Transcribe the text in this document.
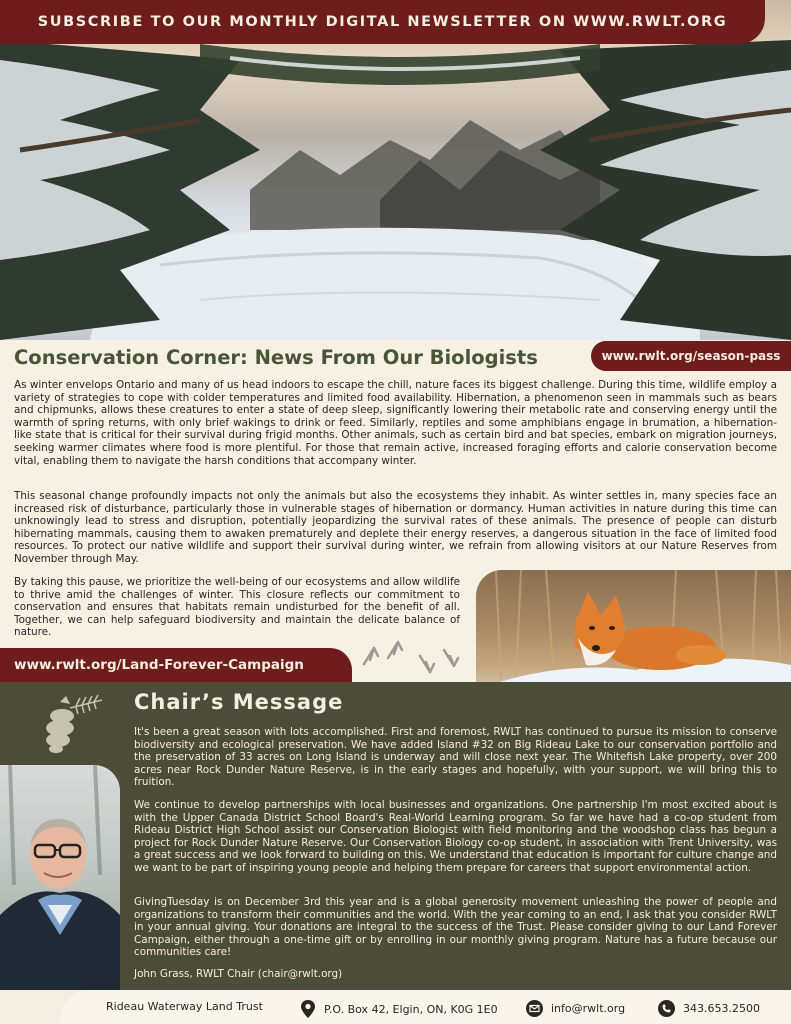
SUBSCRIBE TO OUR MONTHLY DIGITAL NEWSLETTER ON WWW.RWLT.ORG
Conservation Corner: News From Our Biologists	www.rwlt.org/season-pass

As winter envelops Ontario and many of us head indoors to escape the chill, nature faces its biggest challenge. During this time, wildlife employ a variety of strategies to cope with colder temperatures and limited food availability. Hibernation, a phenomenon seen in mammals such as bears and chipmunks, allows these creatures to enter a state of deep sleep, significantly lowering their metabolic rate and conserving energy until the warmth of spring returns, with only brief wakings to drink or feed. Similarly, reptiles and some amphibians engage in brumation, a hibernation-like state that is critical for their survival during frigid months. Other animals, such as certain bird and bat species, embark on migration journeys, seeking warmer climates where food is more plentiful. For those that remain active, increased foraging efforts and calorie conservation become vital, enabling them to navigate the harsh conditions that accompany winter.

This seasonal change profoundly impacts not only the animals but also the ecosystems they inhabit. As winter settles in, many species face an increased risk of disturbance, particularly those in vulnerable stages of hibernation or dormancy. Human activities in nature during this time can unknowingly lead to stress and disruption, potentially jeopardizing the survival rates of these animals. The presence of people can disturb hibernating mammals, causing them to awaken prematurely and deplete their energy reserves, a dangerous situation in the face of limited food resources. To protect our native wildlife and support their survival during winter, we refrain from allowing visitors at our Nature Reserves from November through May.

By taking this pause, we prioritize the well-being of our ecosystems and allow wildlife to thrive amid the challenges of winter. This closure reflects our commitment to conservation and ensures that habitats remain undisturbed for the benefit of all. Together, we can help safeguard biodiversity and maintain the delicate balance of nature.

www.rwlt.org/Land-Forever-Campaign
Chair’s Message

It's been a great season with lots accomplished. First and foremost, RWLT has continued to pursue its mission to conserve biodiversity and ecological preservation. We have added Island #32 on Big Rideau Lake to our conservation portfolio and the preservation of 33 acres on Long Island is underway and will close next year. The Whitefish Lake property, over 200 acres near Rock Dunder Nature Reserve, is in the early stages and hopefully, with your support, we will bring this to fruition.

We continue to develop partnerships with local businesses and organizations. One partnership I'm most excited about is with the Upper Canada District School Board's Real-World Learning program. So far we have had a co-op student from Rideau District High School assist our Conservation Biologist with field monitoring and the woodshop class has begun a project for Rock Dunder Nature Reserve. Our Conservation Biology co-op student, in association with Trent University, was a great success and we look forward to building on this. We understand that education is important for culture change and we want to be part of inspiring young people and helping them prepare for careers that support environmental action.

GivingTuesday is on December 3rd this year and is a global generosity movement unleashing the power of people and organizations to transform their communities and the world. With the year coming to an end, I ask that you consider RWLT in your annual giving. Your donations are integral to the success of the Trust. Please consider giving to our Land Forever Campaign, either through a one-time gift or by enrolling in our monthly giving program. Nature has a future because our communities care!

John Grass, RWLT Chair (chair@rwlt.org)

Rideau Waterway Land Trust	P.O. Box 42, Elgin, ON, K0G 1E0	info@rwlt.org	343.653.2500
